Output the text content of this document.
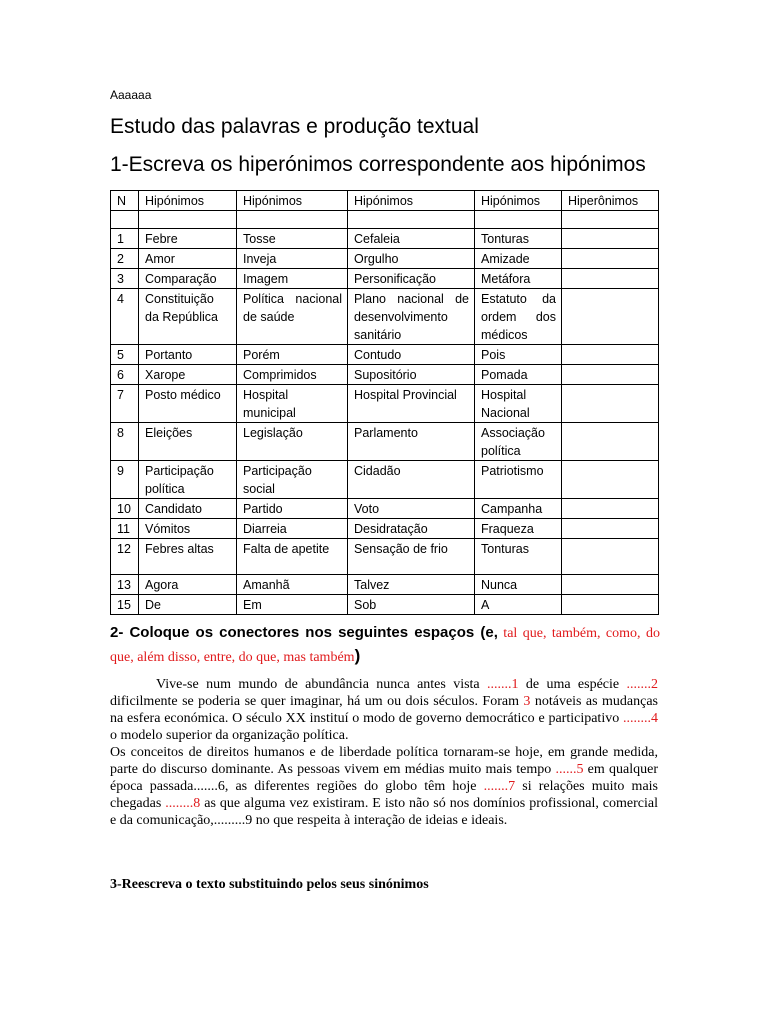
Aaaaaa
Estudo das palavras e produção textual
1-Escreva os hiperónimos correspondente aos hipónimos
N	Hipónimos	Hipónimos	Hipónimos	Hipónimos	Hiperônimos

1	Febre	Tosse	Cefaleia	Tonturas	
2	Amor	Inveja	Orgulho	Amizade	
3	Comparação	Imagem	Personificação	Metáfora	
4	Constituição da República	Política nacional de saúde	Plano nacional de desenvolvimento sanitário	Estatuto da ordem dos médicos	
5	Portanto	Porém	Contudo	Pois	
6	Xarope	Comprimidos	Supositório	Pomada	
7	Posto médico	Hospital municipal	Hospital Provincial	Hospital Nacional	
8	Eleições	Legislação	Parlamento	Associação política	
9	Participação política	Participação social	Cidadão	Patriotismo	
10	Candidato	Partido	Voto	Campanha	
11	Vómitos	Diarreia	Desidratação	Fraqueza	
12	Febres altas	Falta de apetite	Sensação de frio	Tonturas	
13	Agora	Amanhã	Talvez	Nunca	
15	De	Em	Sob	A	
2- Coloque os conectores nos seguintes espaços (e, tal que, também, como, do que, além disso, entre, do que, mas também)

Vive-se num mundo de abundância nunca antes vista .......1 de uma espécie .......2 dificilmente se poderia se quer imaginar, há um ou dois séculos. Foram 3 notáveis as mudanças na esfera económica. O século XX instituí o modo de governo democrático e participativo ........4 o modelo superior da organização política.

Os conceitos de direitos humanos e de liberdade política tornaram-se hoje, em grande medida, parte do discurso dominante. As pessoas vivem em médias muito mais tempo ......5 em qualquer época passada.......6, as diferentes regiões do globo têm hoje .......7 si relações muito mais chegadas ........8 as que alguma vez existiram. E isto não só nos domínios profissional, comercial e da comunicação,.........9 no que respeita à interação de ideias e ideais.

3-Reescreva o texto substituindo pelos seus sinónimos
